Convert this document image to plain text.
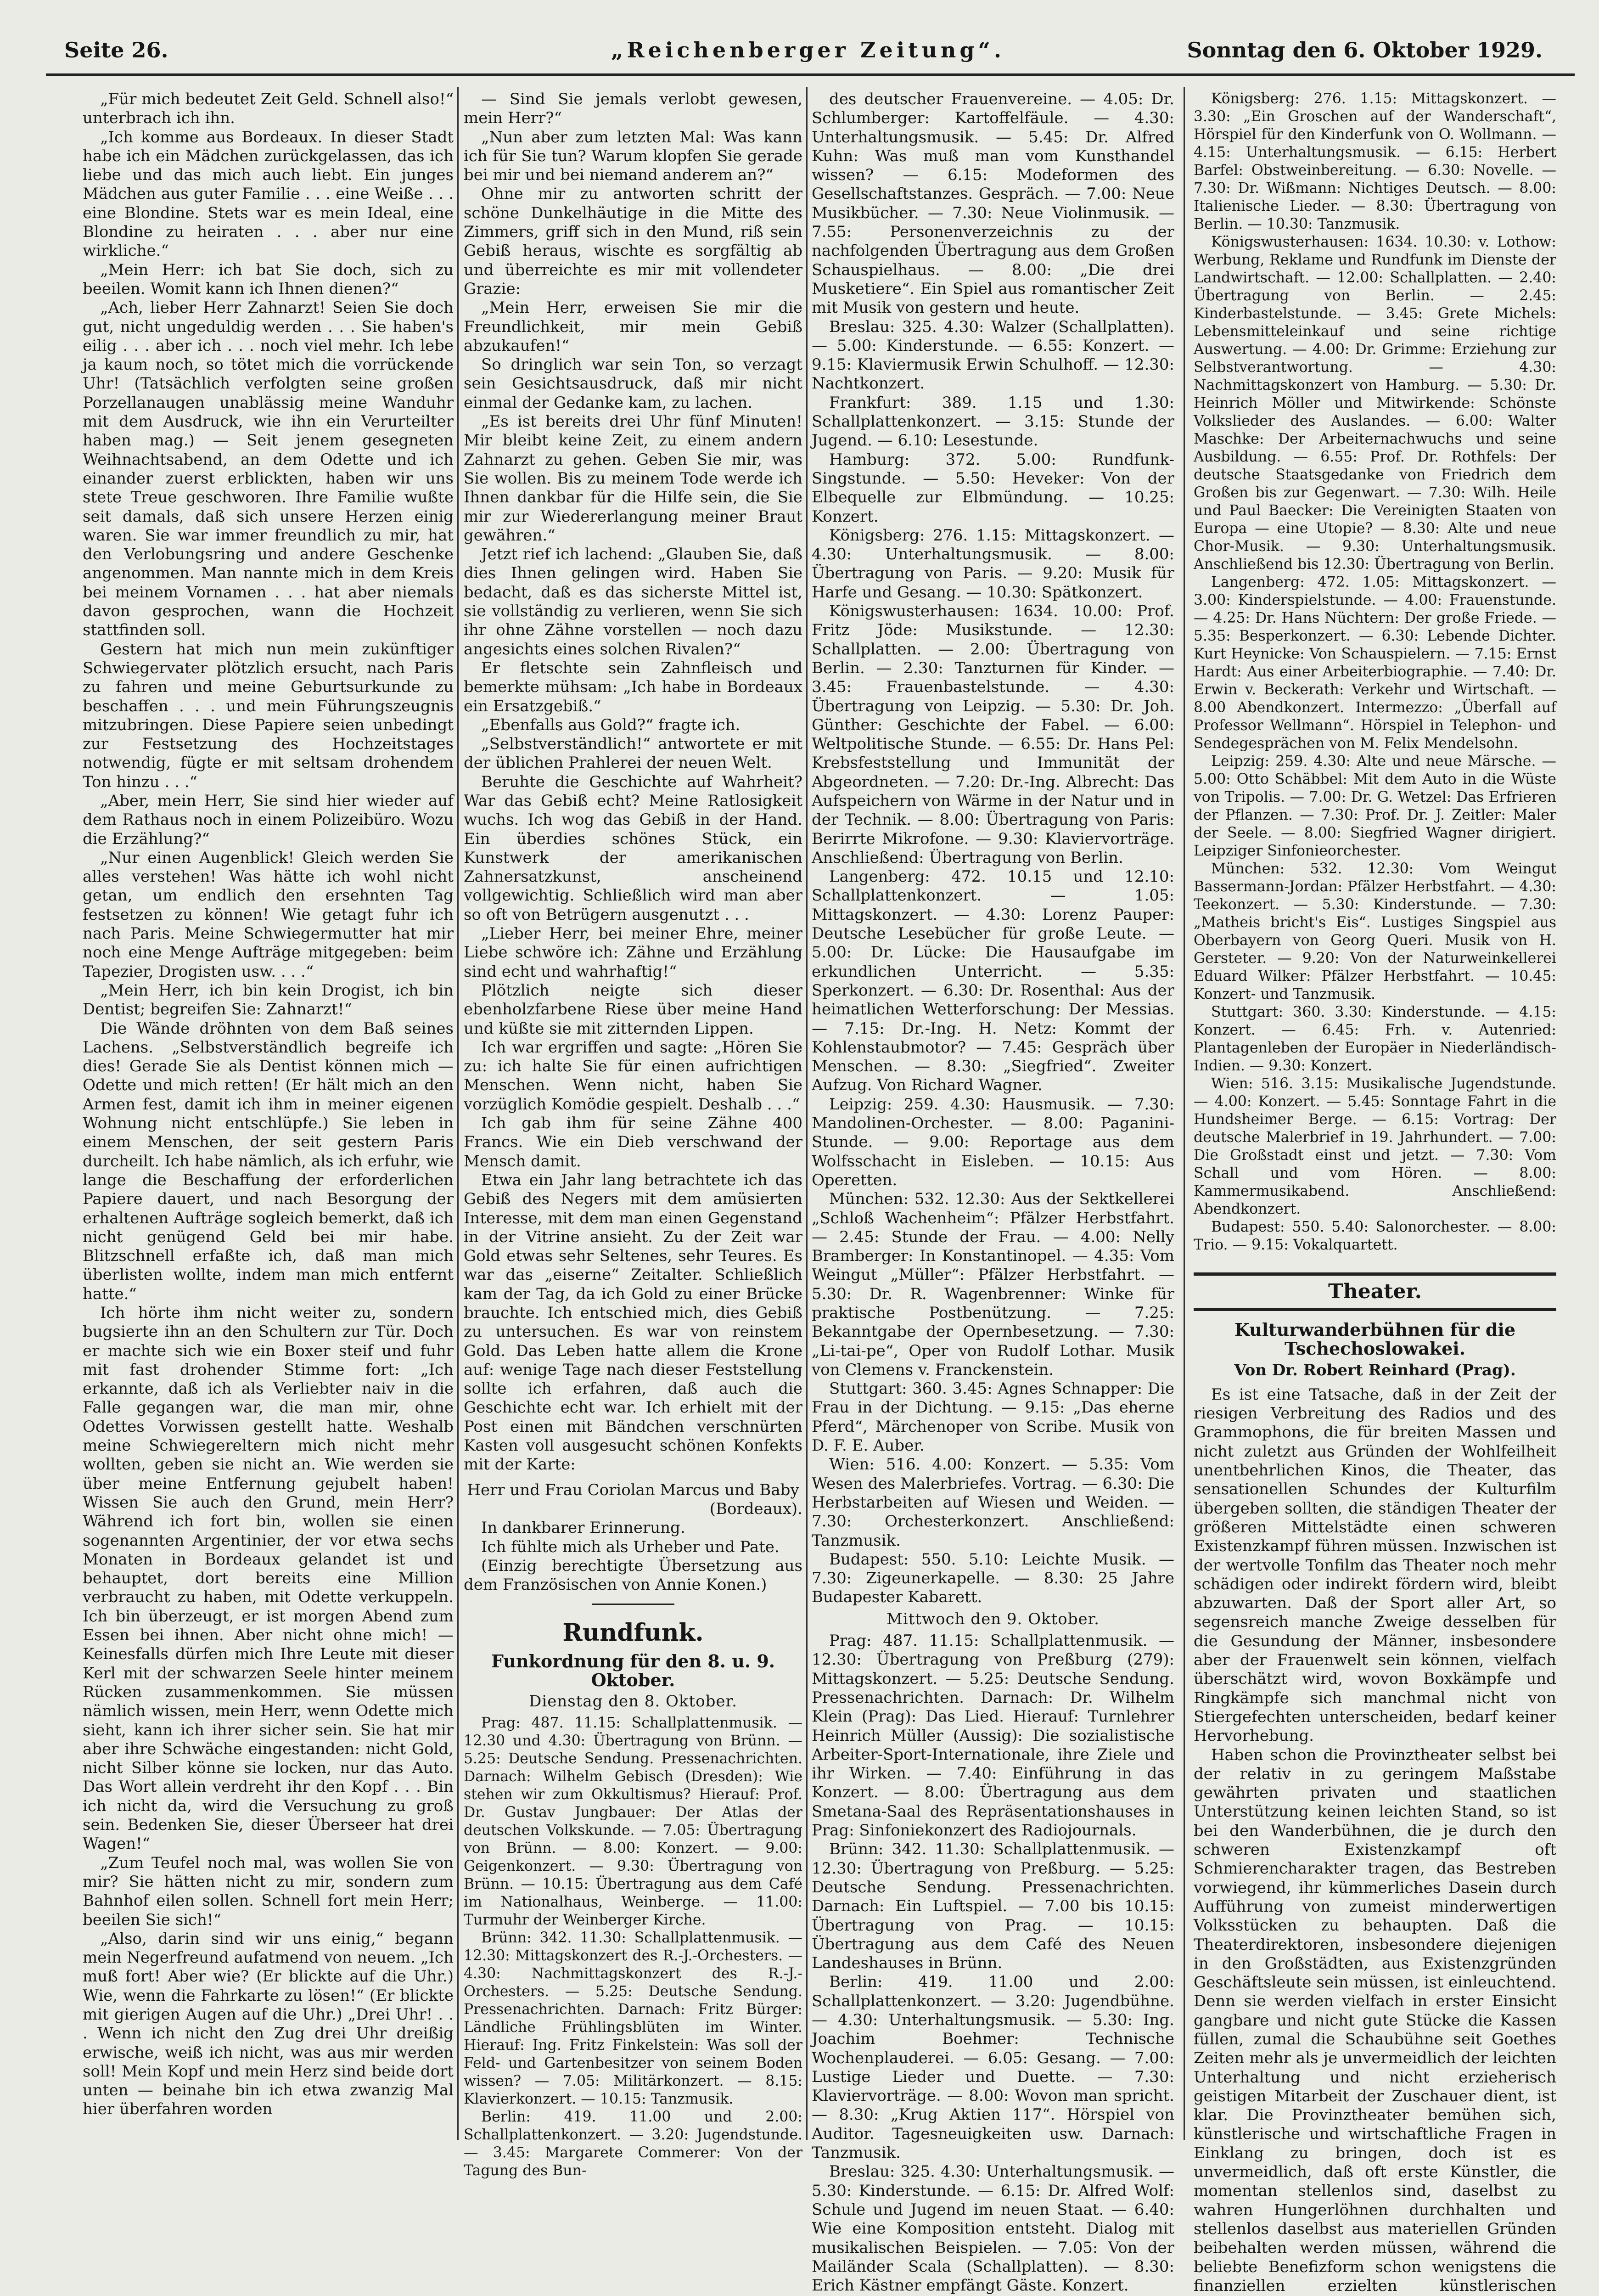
Seite 26.	„Reichenberger Zeitung“.	Sonntag den 6. Oktober 1929.

„Für mich bedeutet Zeit Geld. Schnell also!“ unterbrach ich ihn.

„Ich komme aus Bordeaux. In dieser Stadt habe ich ein Mädchen zurückgelassen, das ich liebe und das mich auch liebt. Ein junges Mädchen aus guter Familie . . . eine Weiße . . . eine Blondine. Stets war es mein Ideal, eine Blondine zu heiraten . . . aber nur eine wirkliche.“

„Mein Herr: ich bat Sie doch, sich zu beeilen. Womit kann ich Ihnen dienen?“

„Ach, lieber Herr Zahnarzt! Seien Sie doch gut, nicht ungeduldig werden . . . Sie haben's eilig . . . aber ich . . . noch viel mehr. Ich lebe ja kaum noch, so tötet mich die vorrückende Uhr! (Tatsächlich verfolgten seine großen Porzellanaugen unablässig meine Wanduhr mit dem Ausdruck, wie ihn ein Verurteilter haben mag.) — Seit jenem gesegneten Weihnachtsabend, an dem Odette und ich einander zuerst erblickten, haben wir uns stete Treue geschworen. Ihre Familie wußte seit damals, daß sich unsere Herzen einig waren. Sie war immer freundlich zu mir, hat den Verlobungsring und andere Geschenke angenommen. Man nannte mich in dem Kreis bei meinem Vornamen . . . hat aber niemals davon gesprochen, wann die Hochzeit stattfinden soll.

Gestern hat mich nun mein zukünftiger Schwiegervater plötzlich ersucht, nach Paris zu fahren und meine Geburtsurkunde zu beschaffen . . . und mein Führungszeugnis mitzubringen. Diese Papiere seien unbedingt zur Festsetzung des Hochzeitstages notwendig, fügte er mit seltsam drohendem Ton hinzu . . .“

„Aber, mein Herr, Sie sind hier wieder auf dem Rathaus noch in einem Polizeibüro. Wozu die Erzählung?“

„Nur einen Augenblick! Gleich werden Sie alles verstehen! Was hätte ich wohl nicht getan, um endlich den ersehnten Tag festsetzen zu können! Wie getagt fuhr ich nach Paris. Meine Schwiegermutter hat mir noch eine Menge Aufträge mitgegeben: beim Tapezier, Drogisten usw. . . .“

„Mein Herr, ich bin kein Drogist, ich bin Dentist; begreifen Sie: Zahnarzt!“

Die Wände dröhnten von dem Baß seines Lachens. „Selbstverständlich begreife ich dies! Gerade Sie als Dentist können mich — Odette und mich retten! (Er hält mich an den Armen fest, damit ich ihm in meiner eigenen Wohnung nicht entschlüpfe.) Sie leben in einem Menschen, der seit gestern Paris durcheilt. Ich habe nämlich, als ich erfuhr, wie lange die Beschaffung der erforderlichen Papiere dauert, und nach Besorgung der erhaltenen Aufträge sogleich bemerkt, daß ich nicht genügend Geld bei mir habe. Blitzschnell erfaßte ich, daß man mich überlisten wollte, indem man mich entfernt hatte.“

Ich hörte ihm nicht weiter zu, sondern bugsierte ihn an den Schultern zur Tür. Doch er machte sich wie ein Boxer steif und fuhr mit fast drohender Stimme fort: „Ich erkannte, daß ich als Verliebter naiv in die Falle gegangen war, die man mir, ohne Odettes Vorwissen gestellt hatte. Weshalb meine Schwiegereltern mich nicht mehr wollten, geben sie nicht an. Wie werden sie über meine Entfernung gejubelt haben! Wissen Sie auch den Grund, mein Herr? Während ich fort bin, wollen sie einen sogenannten Argentinier, der vor etwa sechs Monaten in Bordeaux gelandet ist und behauptet, dort bereits eine Million verbraucht zu haben, mit Odette verkuppeln. Ich bin überzeugt, er ist morgen Abend zum Essen bei ihnen. Aber nicht ohne mich! — Keinesfalls dürfen mich Ihre Leute mit dieser Kerl mit der schwarzen Seele hinter meinem Rücken zusammenkommen. Sie müssen nämlich wissen, mein Herr, wenn Odette mich sieht, kann ich ihrer sicher sein. Sie hat mir aber ihre Schwäche eingestanden: nicht Gold, nicht Silber könne sie locken, nur das Auto. Das Wort allein verdreht ihr den Kopf . . . Bin ich nicht da, wird die Versuchung zu groß sein. Bedenken Sie, dieser Überseer hat drei Wagen!“

„Zum Teufel noch mal, was wollen Sie von mir? Sie hätten nicht zu mir, sondern zum Bahnhof eilen sollen. Schnell fort mein Herr; beeilen Sie sich!“

„Also, darin sind wir uns einig,“ begann mein Negerfreund aufatmend von neuem. „Ich muß fort! Aber wie? (Er blickte auf die Uhr.) Wie, wenn die Fahrkarte zu lösen!“ (Er blickte mit gierigen Augen auf die Uhr.) „Drei Uhr! . . . Wenn ich nicht den Zug drei Uhr dreißig erwische, weiß ich nicht, was aus mir werden soll! Mein Kopf und mein Herz sind beide dort unten — beinahe bin ich etwa zwanzig Mal hier überfahren worden

— Sind Sie jemals verlobt gewesen, mein Herr?“

„Nun aber zum letzten Mal: Was kann ich für Sie tun? Warum klopfen Sie gerade bei mir und bei niemand anderem an?“

Ohne mir zu antworten schritt der schöne Dunkelhäutige in die Mitte des Zimmers, griff sich in den Mund, riß sein Gebiß heraus, wischte es sorgfältig ab und überreichte es mir mit vollendeter Grazie:

„Mein Herr, erweisen Sie mir die Freundlichkeit, mir mein Gebiß abzukaufen!“

So dringlich war sein Ton, so verzagt sein Gesichtsausdruck, daß mir nicht einmal der Gedanke kam, zu lachen.

„Es ist bereits drei Uhr fünf Minuten! Mir bleibt keine Zeit, zu einem andern Zahnarzt zu gehen. Geben Sie mir, was Sie wollen. Bis zu meinem Tode werde ich Ihnen dankbar für die Hilfe sein, die Sie mir zur Wiedererlangung meiner Braut gewähren.“

Jetzt rief ich lachend: „Glauben Sie, daß dies Ihnen gelingen wird. Haben Sie bedacht, daß es das sicherste Mittel ist, sie vollständig zu verlieren, wenn Sie sich ihr ohne Zähne vorstellen — noch dazu angesichts eines solchen Rivalen?“

Er fletschte sein Zahnfleisch und bemerkte mühsam: „Ich habe in Bordeaux ein Ersatzgebiß.“

„Ebenfalls aus Gold?“ fragte ich.

„Selbstverständlich!“ antwortete er mit der üblichen Prahlerei der neuen Welt.

Beruhte die Geschichte auf Wahrheit? War das Gebiß echt? Meine Ratlosigkeit wuchs. Ich wog das Gebiß in der Hand. Ein überdies schönes Stück, ein Kunstwerk der amerikanischen Zahnersatzkunst, anscheinend vollgewichtig. Schließlich wird man aber so oft von Betrügern ausgenutzt . . .

„Lieber Herr, bei meiner Ehre, meiner Liebe schwöre ich: Zähne und Erzählung sind echt und wahrhaftig!“

Plötzlich neigte sich dieser ebenholzfarbene Riese über meine Hand und küßte sie mit zitternden Lippen.

Ich war ergriffen und sagte: „Hören Sie zu: ich halte Sie für einen aufrichtigen Menschen. Wenn nicht, haben Sie vorzüglich Komödie gespielt. Deshalb . . .“

Ich gab ihm für seine Zähne 400 Francs. Wie ein Dieb verschwand der Mensch damit.

Etwa ein Jahr lang betrachtete ich das Gebiß des Negers mit dem amüsierten Interesse, mit dem man einen Gegenstand in der Vitrine ansieht. Zu der Zeit war Gold etwas sehr Seltenes, sehr Teures. Es war das „eiserne“ Zeitalter. Schließlich kam der Tag, da ich Gold zu einer Brücke brauchte. Ich entschied mich, dies Gebiß zu untersuchen. Es war von reinstem Gold. Das Leben hatte allem die Krone auf: wenige Tage nach dieser Feststellung sollte ich erfahren, daß auch die Geschichte echt war. Ich erhielt mit der Post einen mit Bändchen verschnürten Kasten voll ausgesucht schönen Konfekts mit der Karte:

Herr und Frau Coriolan Marcus und Baby

(Bordeaux).

In dankbarer Erinnerung.

Ich fühlte mich als Urheber und Pate.

(Einzig berechtigte Übersetzung aus dem Französischen von Annie Konen.)

Rundfunk.
Funkordnung für den 8. u. 9. Oktober.
Dienstag den 8. Oktober.

Prag: 487. 11.15: Schallplattenmusik. — 12.30 und 4.30: Übertragung von Brünn. — 5.25: Deutsche Sendung. Pressenachrichten. Darnach: Wilhelm Gebisch (Dresden): Wie stehen wir zum Okkultismus? Hierauf: Prof. Dr. Gustav Jungbauer: Der Atlas der deutschen Volkskunde. — 7.05: Übertragung von Brünn. — 8.00: Konzert. — 9.00: Geigenkonzert. — 9.30: Übertragung von Brünn. — 10.15: Übertragung aus dem Café im Nationalhaus, Weinberge. — 11.00: Turmuhr der Weinberger Kirche.

Brünn: 342. 11.30: Schallplattenmusik. — 12.30: Mittagskonzert des R.-J.-Orchesters. — 4.30: Nachmittagskonzert des R.-J.-Orchesters. — 5.25: Deutsche Sendung. Pressenachrichten. Darnach: Fritz Bürger: Ländliche Frühlingsblüten im Winter. Hierauf: Ing. Fritz Finkelstein: Was soll der Feld- und Gartenbesitzer von seinem Boden wissen? — 7.05: Militärkonzert. — 8.15: Klavierkonzert. — 10.15: Tanzmusik.

Berlin: 419. 11.00 und 2.00: Schallplattenkonzert. — 3.20: Jugendstunde. — 3.45: Margarete Commerer: Von der Tagung des Bun-

des deutscher Frauenvereine. — 4.05: Dr. Schlumberger: Kartoffelfäule. — 4.30: Unterhaltungsmusik. — 5.45: Dr. Alfred Kuhn: Was muß man vom Kunsthandel wissen? — 6.15: Modeformen des Gesellschaftstanzes. Gespräch. — 7.00: Neue Musikbücher. — 7.30: Neue Violinmusik. — 7.55: Personenverzeichnis zu der nachfolgenden Übertragung aus dem Großen Schauspielhaus. — 8.00: „Die drei Musketiere“. Ein Spiel aus romantischer Zeit mit Musik von gestern und heute.

Breslau: 325. 4.30: Walzer (Schallplatten). — 5.00: Kinderstunde. — 6.55: Konzert. — 9.15: Klaviermusik Erwin Schulhoff. — 12.30: Nachtkonzert.

Frankfurt: 389. 1.15 und 1.30: Schallplattenkonzert. — 3.15: Stunde der Jugend. — 6.10: Lesestunde.

Hamburg: 372. 5.00: Rundfunk-Singstunde. — 5.50: Heveker: Von der Elbequelle zur Elbmündung. — 10.25: Konzert.

Königsberg: 276. 1.15: Mittagskonzert. — 4.30: Unterhaltungsmusik. — 8.00: Übertragung von Paris. — 9.20: Musik für Harfe und Gesang. — 10.30: Spätkonzert.

Königswusterhausen: 1634. 10.00: Prof. Fritz Jöde: Musikstunde. — 12.30: Schallplatten. — 2.00: Übertragung von Berlin. — 2.30: Tanzturnen für Kinder. — 3.45: Frauenbastelstunde. — 4.30: Übertragung von Leipzig. — 5.30: Dr. Joh. Günther: Geschichte der Fabel. — 6.00: Weltpolitische Stunde. — 6.55: Dr. Hans Pel: Krebsfeststellung und Immunität der Abgeordneten. — 7.20: Dr.-Ing. Albrecht: Das Aufspeichern von Wärme in der Natur und in der Technik. — 8.00: Übertragung von Paris: Berirrte Mikrofone. — 9.30: Klaviervorträge. Anschließend: Übertragung von Berlin.

Langenberg: 472. 10.15 und 12.10: Schallplattenkonzert. — 1.05: Mittagskonzert. — 4.30: Lorenz Pauper: Deutsche Lesebücher für große Leute. — 5.00: Dr. Lücke: Die Hausaufgabe im erkundlichen Unterricht. — 5.35: Sperkonzert. — 6.30: Dr. Rosenthal: Aus der heimatlichen Wetterforschung: Der Messias. — 7.15: Dr.-Ing. H. Netz: Kommt der Kohlenstaubmotor? — 7.45: Gespräch über Menschen. — 8.30: „Siegfried“. Zweiter Aufzug. Von Richard Wagner.

Leipzig: 259. 4.30: Hausmusik. — 7.30: Mandolinen-Orchester. — 8.00: Paganini-Stunde. — 9.00: Reportage aus dem Wolfsschacht in Eisleben. — 10.15: Aus Operetten.

München: 532. 12.30: Aus der Sektkellerei „Schloß Wachenheim“: Pfälzer Herbstfahrt. — 2.45: Stunde der Frau. — 4.00: Nelly Bramberger: In Konstantinopel. — 4.35: Vom Weingut „Müller“: Pfälzer Herbstfahrt. — 5.30: Dr. R. Wagenbrenner: Winke für praktische Postbenützung. — 7.25: Bekanntgabe der Opernbesetzung. — 7.30: „Li-tai-pe“, Oper von Rudolf Lothar. Musik von Clemens v. Franckenstein.

Stuttgart: 360. 3.45: Agnes Schnapper: Die Frau in der Dichtung. — 9.15: „Das eherne Pferd“, Märchenoper von Scribe. Musik von D. F. E. Auber.

Wien: 516. 4.00: Konzert. — 5.35: Vom Wesen des Malerbriefes. Vortrag. — 6.30: Die Herbstarbeiten auf Wiesen und Weiden. — 7.30: Orchesterkonzert. Anschließend: Tanzmusik.

Budapest: 550. 5.10: Leichte Musik. — 7.30: Zigeunerkapelle. — 8.30: 25 Jahre Budapester Kabarett.

Mittwoch den 9. Oktober.

Prag: 487. 11.15: Schallplattenmusik. — 12.30: Übertragung von Preßburg (279): Mittagskonzert. — 5.25: Deutsche Sendung. Pressenachrichten. Darnach: Dr. Wilhelm Klein (Prag): Das Lied. Hierauf: Turnlehrer Heinrich Müller (Aussig): Die sozialistische Arbeiter-Sport-Internationale, ihre Ziele und ihr Wirken. — 7.40: Einführung in das Konzert. — 8.00: Übertragung aus dem Smetana-Saal des Repräsentationshauses in Prag: Sinfoniekonzert des Radiojournals.

Brünn: 342. 11.30: Schallplattenmusik. — 12.30: Übertragung von Preßburg. — 5.25: Deutsche Sendung. Pressenachrichten. Darnach: Ein Luftspiel. — 7.00 bis 10.15: Übertragung von Prag. — 10.15: Übertragung aus dem Café des Neuen Landeshauses in Brünn.

Berlin: 419. 11.00 und 2.00: Schallplattenkonzert. — 3.20: Jugendbühne. — 4.30: Unterhaltungsmusik. — 5.30: Ing. Joachim Boehmer: Technische Wochenplauderei. — 6.05: Gesang. — 7.00: Lustige Lieder und Duette. — 7.30: Klaviervorträge. — 8.00: Wovon man spricht. — 8.30: „Krug Aktien 117“. Hörspiel von Auditor. Tagesneuigkeiten usw. Darnach: Tanzmusik.

Breslau: 325. 4.30: Unterhaltungsmusik. — 5.30: Kinderstunde. — 6.15: Dr. Alfred Wolf: Schule und Jugend im neuen Staat. — 6.40: Wie eine Komposition entsteht. Dialog mit musikalischen Beispielen. — 7.05: Von der Mailänder Scala (Schallplatten). — 8.30: Erich Kästner empfängt Gäste. Konzert.

Königsberg: 276. 1.15: Mittagskonzert. — 3.30: „Ein Groschen auf der Wanderschaft“, Hörspiel für den Kinderfunk von O. Wollmann. — 4.15: Unterhaltungsmusik. — 6.15: Herbert Barfel: Obstweinbereitung. — 6.30: Novelle. — 7.30: Dr. Wißmann: Nichtiges Deutsch. — 8.00: Italienische Lieder. — 8.30: Übertragung von Berlin. — 10.30: Tanzmusik.

Königswusterhausen: 1634. 10.30: v. Lothow: Werbung, Reklame und Rundfunk im Dienste der Landwirtschaft. — 12.00: Schallplatten. — 2.40: Übertragung von Berlin. — 2.45: Kinderbastelstunde. — 3.45: Grete Michels: Lebensmitteleinkauf und seine richtige Auswertung. — 4.00: Dr. Grimme: Erziehung zur Selbstverantwortung. — 4.30: Nachmittagskonzert von Hamburg. — 5.30: Dr. Heinrich Möller und Mitwirkende: Schönste Volkslieder des Auslandes. — 6.00: Walter Maschke: Der Arbeiternachwuchs und seine Ausbildung. — 6.55: Prof. Dr. Rothfels: Der deutsche Staatsgedanke von Friedrich dem Großen bis zur Gegenwart. — 7.30: Wilh. Heile und Paul Baecker: Die Vereinigten Staaten von Europa — eine Utopie? — 8.30: Alte und neue Chor-Musik. — 9.30: Unterhaltungsmusik. Anschließend bis 12.30: Übertragung von Berlin.

Langenberg: 472. 1.05: Mittagskonzert. — 3.00: Kinderspielstunde. — 4.00: Frauenstunde. — 4.25: Dr. Hans Nüchtern: Der große Friede. — 5.35: Besperkonzert. — 6.30: Lebende Dichter. Kurt Heynicke: Von Schauspielern. — 7.15: Ernst Hardt: Aus einer Arbeiterbiographie. — 7.40: Dr. Erwin v. Beckerath: Verkehr und Wirtschaft. — 8.00 Abendkonzert. Intermezzo: „Überfall auf Professor Wellmann“. Hörspiel in Telephon- und Sendegesprächen von M. Felix Mendelsohn.

Leipzig: 259. 4.30: Alte und neue Märsche. — 5.00: Otto Schäbbel: Mit dem Auto in die Wüste von Tripolis. — 7.00: Dr. G. Wetzel: Das Erfrieren der Pflanzen. — 7.30: Prof. Dr. J. Zeitler: Maler der Seele. — 8.00: Siegfried Wagner dirigiert. Leipziger Sinfonieorchester.

München: 532. 12.30: Vom Weingut Bassermann-Jordan: Pfälzer Herbstfahrt. — 4.30: Teekonzert. — 5.30: Kinderstunde. — 7.30: „Matheis bricht's Eis“. Lustiges Singspiel aus Oberbayern von Georg Queri. Musik von H. Gersteter. — 9.20: Von der Naturweinkellerei Eduard Wilker: Pfälzer Herbstfahrt. — 10.45: Konzert- und Tanzmusik.

Stuttgart: 360. 3.30: Kinderstunde. — 4.15: Konzert. — 6.45: Frh. v. Autenried: Plantagenleben der Europäer in Niederländisch-Indien. — 9.30: Konzert.

Wien: 516. 3.15: Musikalische Jugendstunde. — 4.00: Konzert. — 5.45: Sonntage Fahrt in die Hundsheimer Berge. — 6.15: Vortrag: Der deutsche Malerbrief in 19. Jahrhundert. — 7.00: Die Großstadt einst und jetzt. — 7.30: Vom Schall und vom Hören. — 8.00: Kammermusikabend. Anschließend: Abendkonzert.

Budapest: 550. 5.40: Salonorchester. — 8.00: Trio. — 9.15: Vokalquartett.

Theater.
Kulturwanderbühnen für die Tschechoslowakei.
Von Dr. Robert Reinhard (Prag).

Es ist eine Tatsache, daß in der Zeit der riesigen Verbreitung des Radios und des Grammophons, die für breiten Massen und nicht zuletzt aus Gründen der Wohlfeilheit unentbehrlichen Kinos, die Theater, das sensationellen Schundes der Kulturfilm übergeben sollten, die ständigen Theater der größeren Mittelstädte einen schweren Existenzkampf führen müssen. Inzwischen ist der wertvolle Tonfilm das Theater noch mehr schädigen oder indirekt fördern wird, bleibt abzuwarten. Daß der Sport aller Art, so segensreich manche Zweige desselben für die Gesundung der Männer, insbesondere aber der Frauenwelt sein können, vielfach überschätzt wird, wovon Boxkämpfe und Ringkämpfe sich manchmal nicht von Stiergefechten unterscheiden, bedarf keiner Hervorhebung.

Haben schon die Provinztheater selbst bei der relativ in zu geringem Maßstabe gewährten privaten und staatlichen Unterstützung keinen leichten Stand, so ist bei den Wanderbühnen, die je durch den schweren Existenzkampf oft Schmierencharakter tragen, das Bestreben vorwiegend, ihr kümmerliches Dasein durch Aufführung von zumeist minderwertigen Volksstücken zu behaupten. Daß die Theaterdirektoren, insbesondere diejenigen in den Großstädten, aus Existenzgründen Geschäftsleute sein müssen, ist einleuchtend. Denn sie werden vielfach in erster Einsicht gangbare und nicht gute Stücke die Kassen füllen, zumal die Schaubühne seit Goethes Zeiten mehr als je unvermeidlich der leichten Unterhaltung und nicht erzieherisch geistigen Mitarbeit der Zuschauer dient, ist klar. Die Provinztheater bemühen sich, künstlerische und wirtschaftliche Fragen in Einklang zu bringen, doch ist es unvermeidlich, daß oft erste Künstler, die momentan stellenlos sind, daselbst zu wahren Hungerlöhnen durchhalten und stellenlos daselbst aus materiellen Gründen beibehalten werden müssen, während die beliebte Benefizform schon wenigstens die finanziellen erzielten künstlerischen
